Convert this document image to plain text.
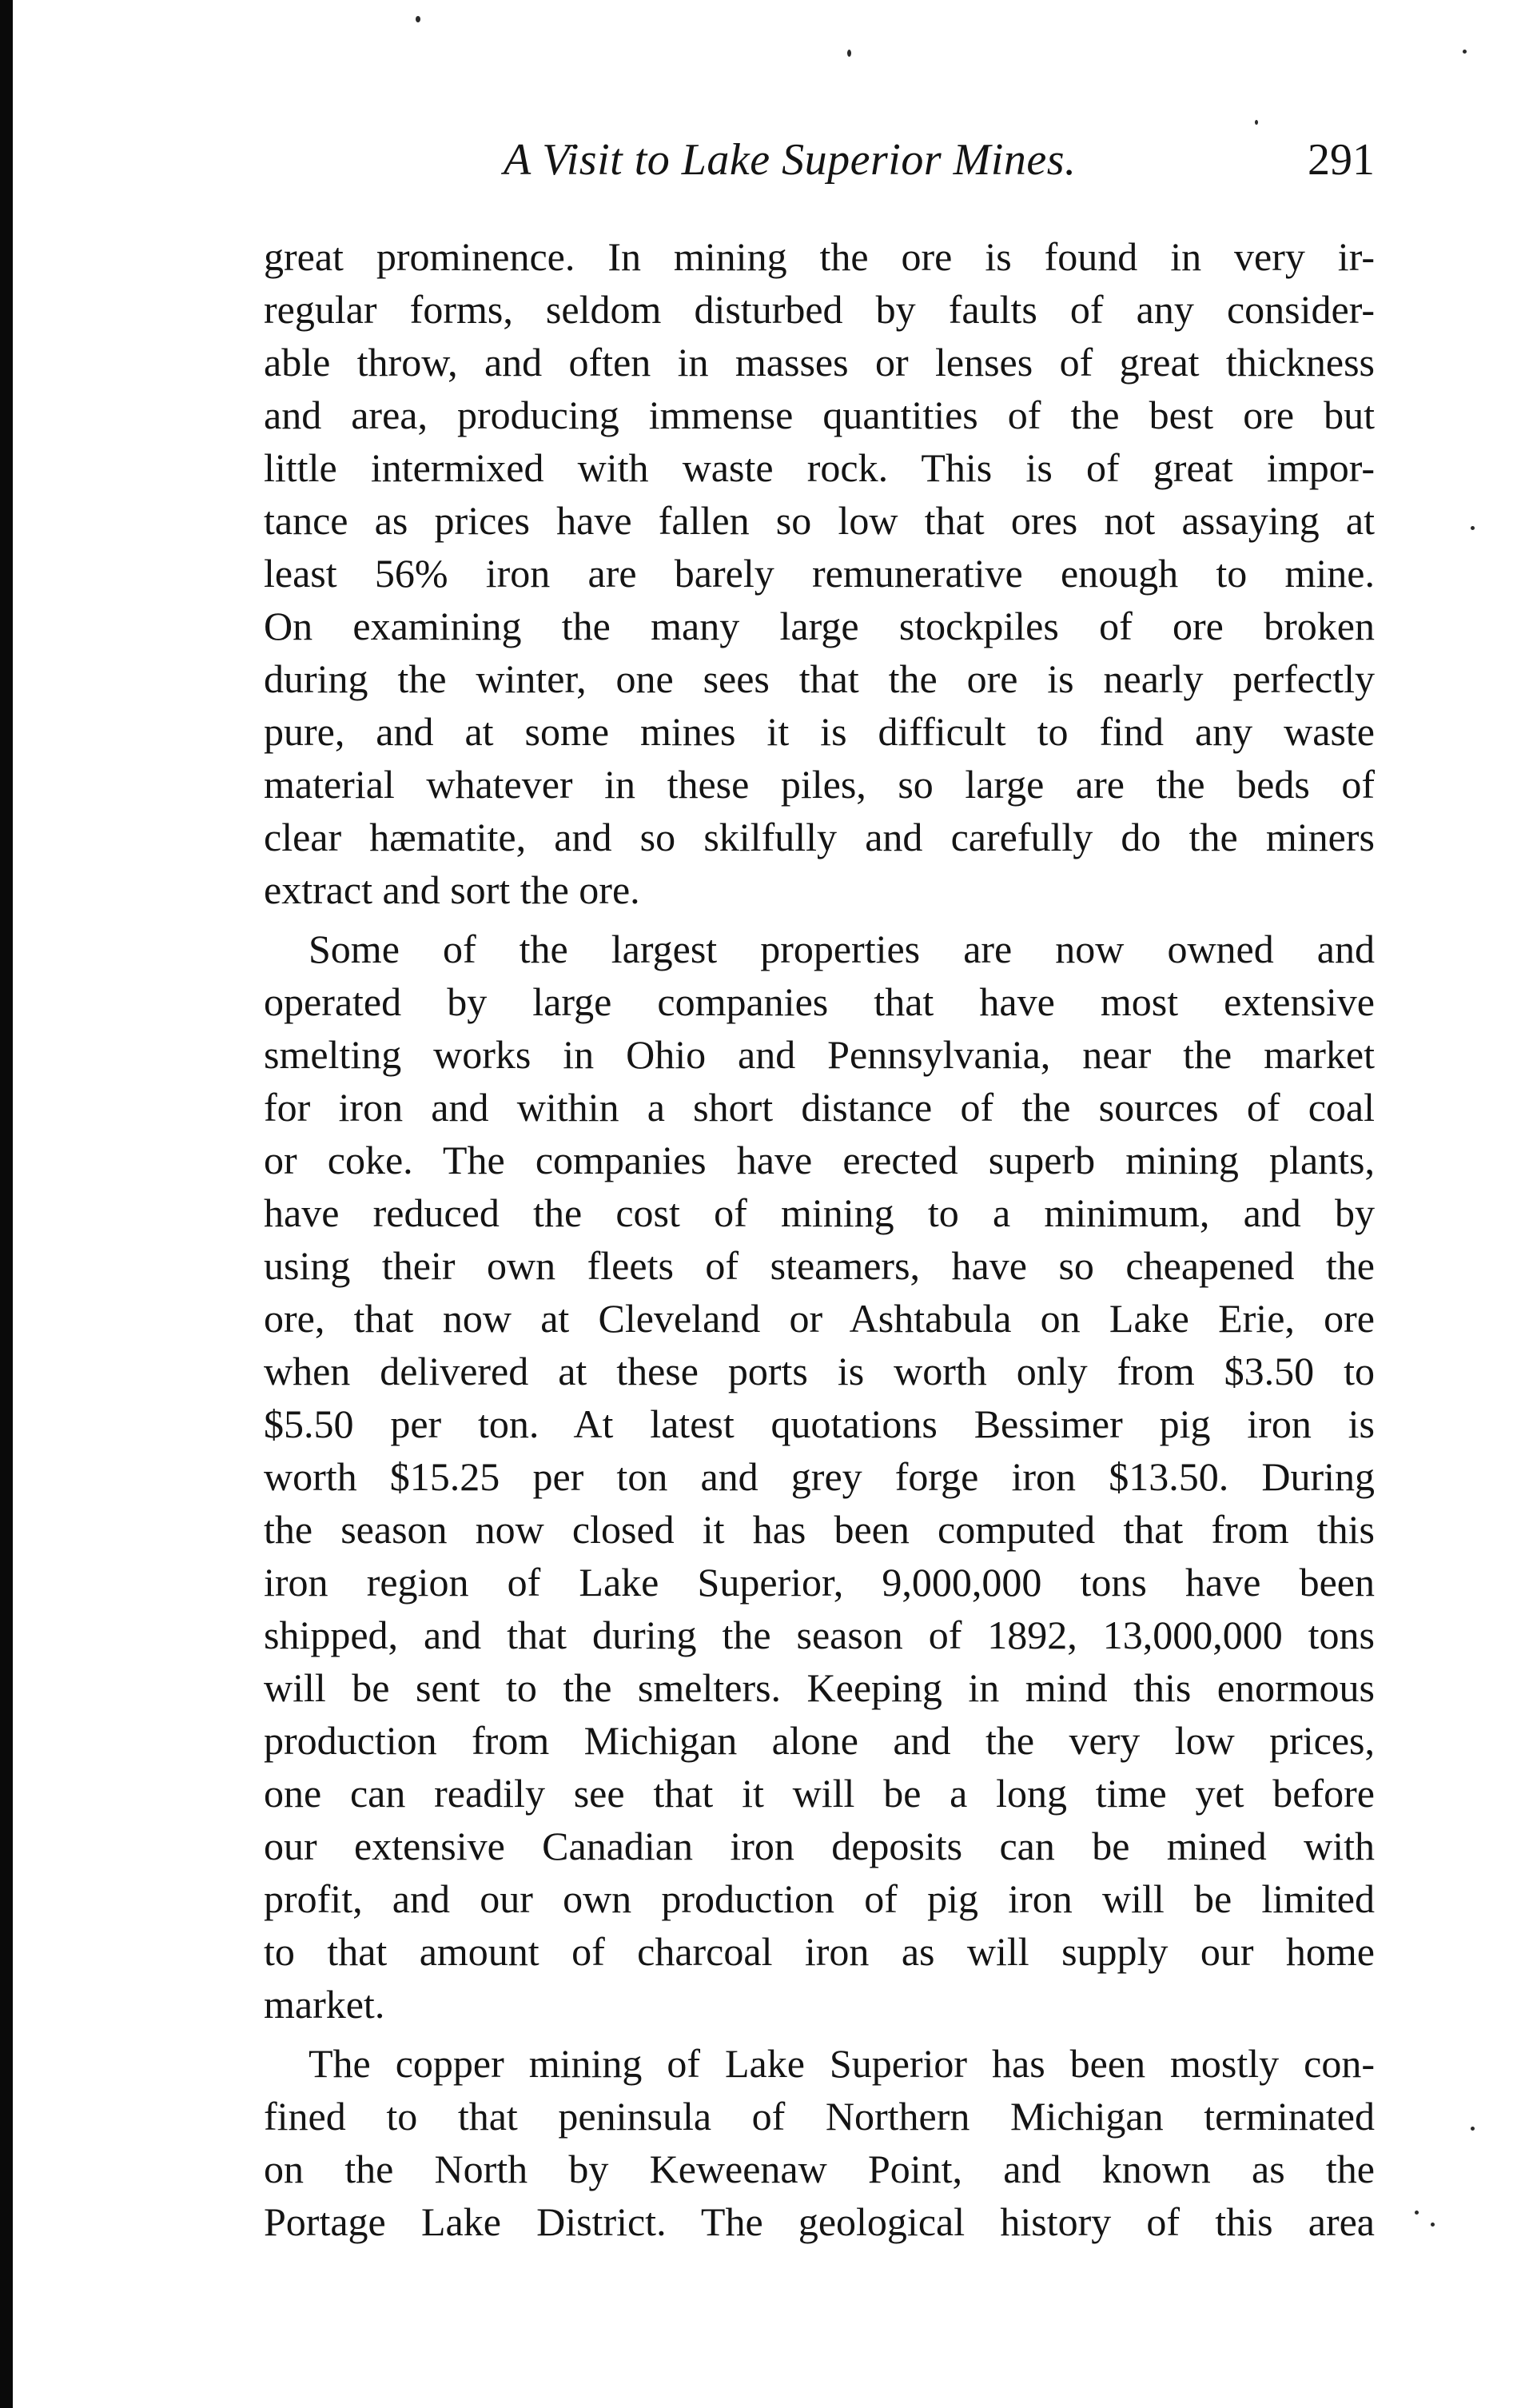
A Visit to Lake Superior Mines.	291
great prominence. In mining the ore is found in very ir-
regular forms, seldom disturbed by faults of any consider-
able throw, and often in masses or lenses of great thickness
and area, producing immense quantities of the best ore but
little intermixed with waste rock. This is of great impor-
tance as prices have fallen so low that ores not assaying at
least 56% iron are barely remunerative enough to mine.
On examining the many large stockpiles of ore broken
during the winter, one sees that the ore is nearly perfectly
pure, and at some mines it is difficult to find any waste
material whatever in these piles, so large are the beds of
clear hæmatite, and so skilfully and carefully do the miners
extract and sort the ore.
Some of the largest properties are now owned and
operated by large companies that have most extensive
smelting works in Ohio and Pennsylvania, near the market
for iron and within a short distance of the sources of coal
or coke. The companies have erected superb mining plants,
have reduced the cost of mining to a minimum, and by
using their own fleets of steamers, have so cheapened the
ore, that now at Cleveland or Ashtabula on Lake Erie, ore
when delivered at these ports is worth only from $3.50 to
$5.50 per ton. At latest quotations Bessimer pig iron is
worth $15.25 per ton and grey forge iron $13.50. During
the season now closed it has been computed that from this
iron region of Lake Superior, 9,000,000 tons have been
shipped, and that during the season of 1892, 13,000,000 tons
will be sent to the smelters. Keeping in mind this enormous
production from Michigan alone and the very low prices,
one can readily see that it will be a long time yet before
our extensive Canadian iron deposits can be mined with
profit, and our own production of pig iron will be limited
to that amount of charcoal iron as will supply our home
market.
The copper mining of Lake Superior has been mostly con-
fined to that peninsula of Northern Michigan terminated
on the North by Keweenaw Point, and known as the
Portage Lake District. The geological history of this area
